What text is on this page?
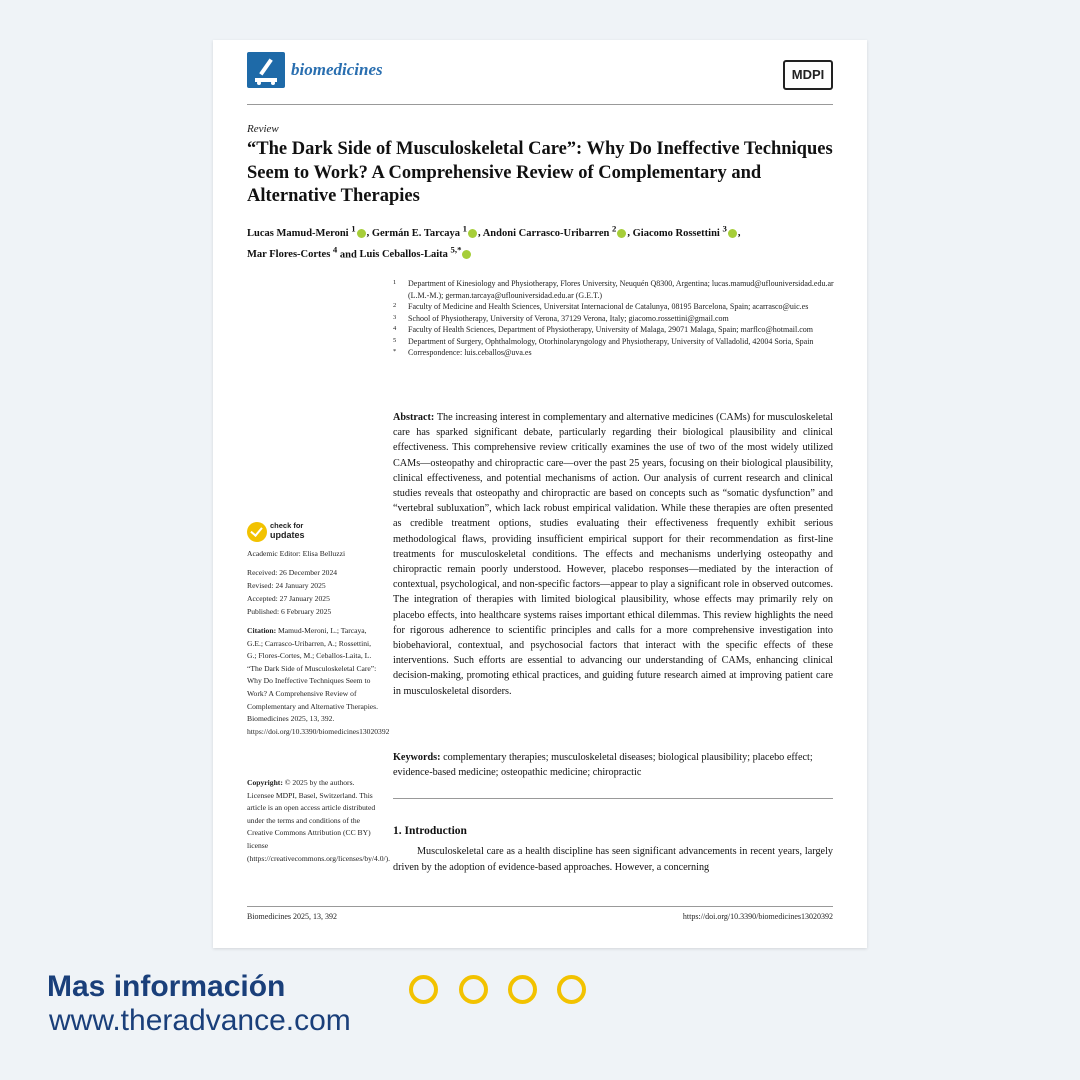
biomedicines	MDPI
Review
“The Dark Side of Musculoskeletal Care”: Why Do Ineffective Techniques Seem to Work? A Comprehensive Review of Complementary and Alternative Therapies
Lucas Mamud-Meroni $^1$ , Germán E. Tarcaya $^1$ , Andoni Carrasco-Uribarren $^2$ , Giacomo Rossettini $^3$ ,
Mar Flores-Cortes $^4$ and Luis Ceballos-Laita $^{5,*}$
1 Department of Kinesiology and Physiotherapy, Flores University, Neuquén Q8300, Argentina; lucas.mamud@uflouniversidad.edu.ar (L.M.-M.); german.tarcaya@uflouniversidad.edu.ar (G.E.T.)
2 Faculty of Medicine and Health Sciences, Universitat Internacional de Catalunya, 08195 Barcelona, Spain; acarrasco@uic.es
3 School of Physiotherapy, University of Verona, 37129 Verona, Italy; giacomo.rossettini@gmail.com
4 Faculty of Health Sciences, Department of Physiotherapy, University of Malaga, 29071 Malaga, Spain; marflco@hotmail.com
5 Department of Surgery, Ophthalmology, Otorhinolaryngology and Physiotherapy, University of Valladolid, 42004 Soria, Spain
* Correspondence: luis.ceballos@uva.es
Abstract: The increasing interest in complementary and alternative medicines (CAMs) for musculoskeletal care has sparked significant debate, particularly regarding their biological plausibility and clinical effectiveness. This comprehensive review critically examines the use of two of the most widely utilized CAMs—osteopathy and chiropractic care—over the past 25 years, focusing on their biological plausibility, clinical effectiveness, and potential mechanisms of action. Our analysis of current research and clinical studies reveals that osteopathy and chiropractic are based on concepts such as “somatic dysfunction” and “vertebral subluxation”, which lack robust empirical validation. While these therapies are often presented as credible treatment options, studies evaluating their effectiveness frequently exhibit serious methodological flaws, providing insufficient empirical support for their recommendation as first-line treatments for musculoskeletal conditions. The effects and mechanisms underlying osteopathy and chiropractic remain poorly understood. However, placebo responses—mediated by the interaction of contextual, psychological, and non-specific factors—appear to play a significant role in observed outcomes. The integration of therapies with limited biological plausibility, whose effects may primarily rely on placebo effects, into healthcare systems raises important ethical dilemmas. This review highlights the need for rigorous adherence to scientific principles and calls for a more comprehensive investigation into biobehavioral, contextual, and psychosocial factors that interact with the specific effects of these interventions. Such efforts are essential to advancing our understanding of CAMs, enhancing clinical decision-making, promoting ethical practices, and guiding future research aimed at improving patient care in musculoskeletal disorders.
Keywords: complementary therapies; musculoskeletal diseases; biological plausibility; placebo effect; evidence-based medicine; osteopathic medicine; chiropractic
1. Introduction
Musculoskeletal care as a health discipline has seen significant advancements in recent years, largely driven by the adoption of evidence-based approaches. However, a concerning
check for
updates
Academic Editor: Elisa Belluzzi
Received: 26 December 2024
Revised: 24 January 2025
Accepted: 27 January 2025
Published: 6 February 2025
Citation: Mamud-Meroni, L.; Tarcaya, G.E.; Carrasco-Uribarren, A.; Rossettini, G.; Flores-Cortes, M.; Ceballos-Laita, L. “The Dark Side of Musculoskeletal Care”: Why Do Ineffective Techniques Seem to Work? A Comprehensive Review of Complementary and Alternative Therapies. Biomedicines 2025, 13, 392. https://doi.org/10.3390/biomedicines13020392
Copyright: © 2025 by the authors. Licensee MDPI, Basel, Switzerland. This article is an open access article distributed under the terms and conditions of the Creative Commons Attribution (CC BY) license (https://creativecommons.org/licenses/by/4.0/).
Biomedicines 2025, 13, 392	https://doi.org/10.3390/biomedicines13020392
Mas información
www.theradvance.com
